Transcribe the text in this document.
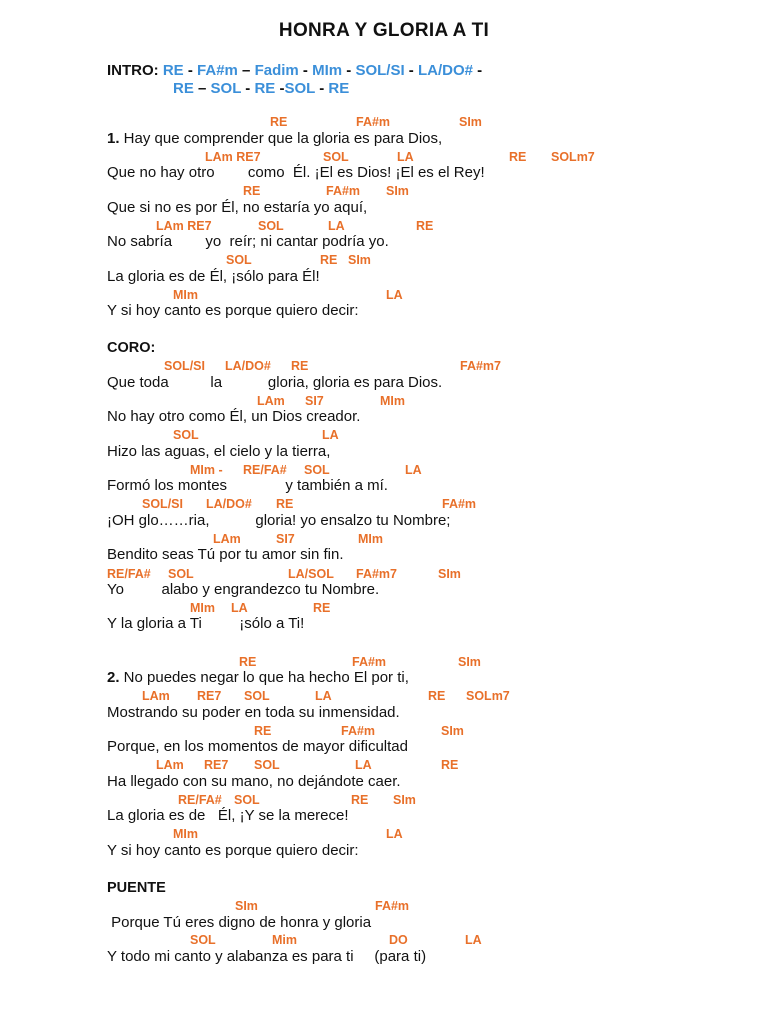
HONRA Y GLORIA A TI
INTRO: RE - FA#m – Fadim - MIm - SOL/SI - LA/DO# -
RE – SOL - RE -SOL - RE
RE	FA#m	SIm
1. Hay que comprender que la gloria es para Dios,
LAm RE7	SOL	LA	RE SOLm7
Que no hay otro        como  Él. ¡El es Dios! ¡El es el Rey!
RE	FA#m SIm
Que si no es por Él, no estaría yo aquí,
LAm RE7	SOL	LA	RE
No sabría        yo  reír; ni cantar podría yo.
SOL	RE SIm
La gloria es de Él, ¡sólo para Él!
MIm	LA
Y si hoy canto es porque quiero decir:
CORO:
SOL/SI LA/DO# RE	FA#m7
Que toda          la           gloria, gloria es para Dios.
LAm SI7	MIm
No hay otro como Él, un Dios creador.
SOL	LA
Hizo las aguas, el cielo y la tierra,
MIm - RE/FA# SOL	LA
Formó los montes              y también a mí.
SOL/SI LA/DO# RE	FA#m
¡OH glo……ria,           gloria! yo ensalzo tu Nombre;
LAm	SI7	MIm
Bendito seas Tú por tu amor sin fin.
RE/FA# SOL	LA/SOL FA#m7	SIm
Yo         alabo y engrandezco tu Nombre.
MIm LA	RE
Y la gloria a Ti         ¡sólo a Ti!
RE	FA#m	SIm
2. No puedes negar lo que ha hecho El por ti,
LAm RE7 SOL	LA	RE SOLm7
Mostrando su poder en toda su inmensidad.
RE	FA#m	SIm
Porque, en los momentos de mayor dificultad
LAm RE7 SOL	LA	RE
Ha llegado con su mano, no dejándote caer.
RE/FA# SOL	RE SIm
La gloria es de   Él, ¡Y se la merece!
MIm	LA
Y si hoy canto es porque quiero decir:
PUENTE
SIm	FA#m
Porque Tú eres digno de honra y gloria
SOL	Mim	DO	LA
Y todo mi canto y alabanza es para ti     (para ti)
